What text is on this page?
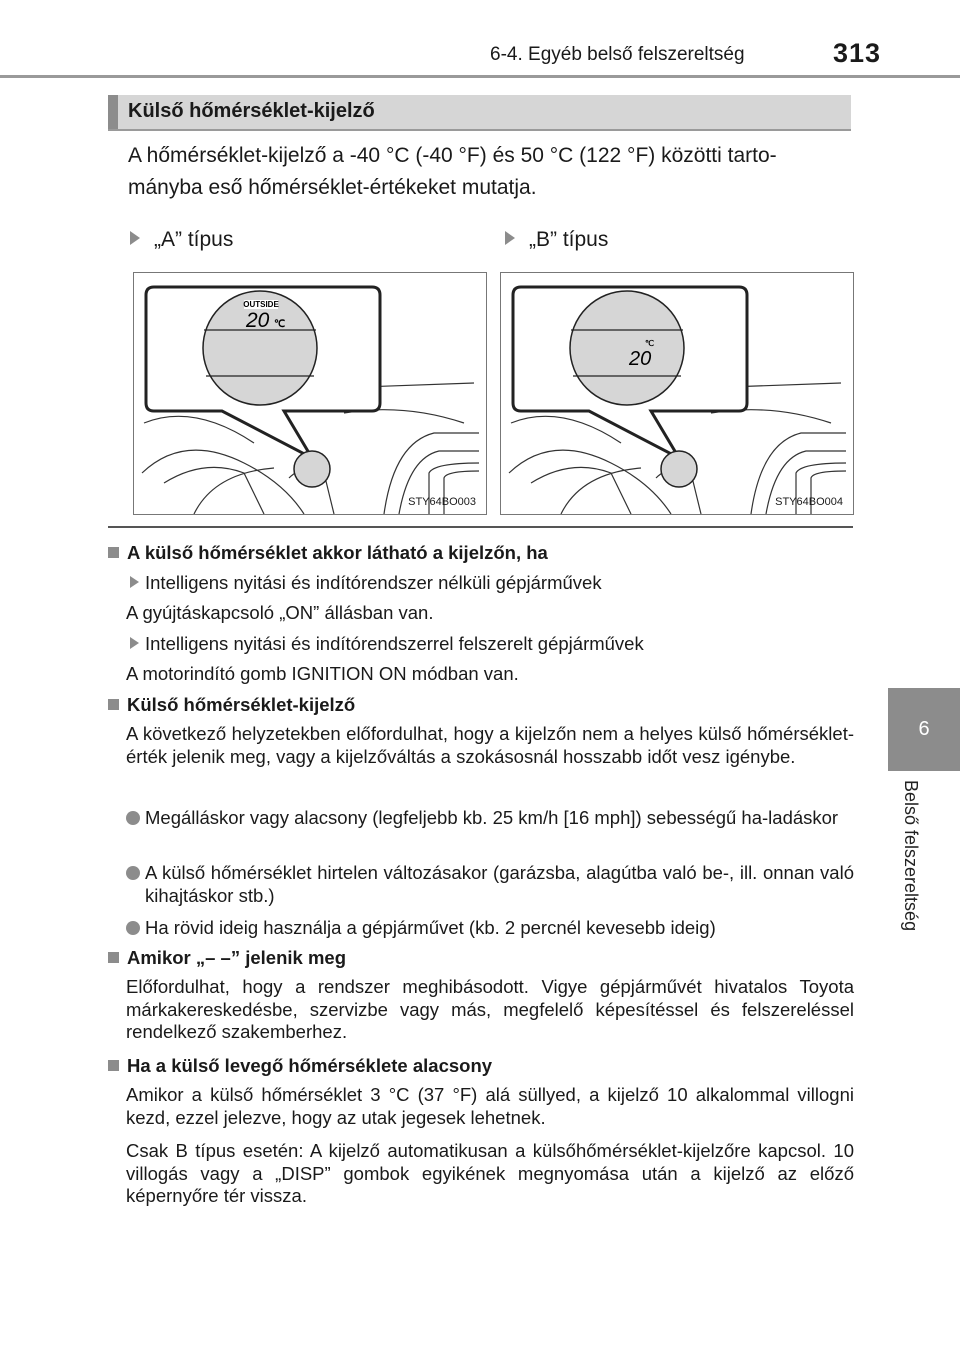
6-4. Egyéb belső felszereltség	313
6
Belső felszereltség
Külső hőmérséklet-kijelző
A hőmérséklet-kijelző a -40 °C (-40 °F) és 50 °C (122 °F) közötti tarto-
mányba eső hőmérséklet-értékeket mutatja.
„A” típus	„B” típus
OUTSIDE
20 ℃
STY64BO003
℃
20
STY64BO004
A külső hőmérséklet akkor látható a kijelzőn, ha
Intelligens nyitási és indítórendszer nélküli gépjárművek
A gyújtáskapcsoló „ON” állásban van.
Intelligens nyitási és indítórendszerrel felszerelt gépjárművek
A motorindító gomb IGNITION ON módban van.
Külső hőmérséklet-kijelző
A következő helyzetekben előfordulhat, hogy a kijelzőn nem a helyes külső hőmérséklet-érték jelenik meg, vagy a kijelzőváltás a szokásosnál hosszabb időt vesz igénybe.
Megálláskor vagy alacsony (legfeljebb kb. 25 km/h [16 mph]) sebességű ha-ladáskor
A külső hőmérséklet hirtelen változásakor (garázsba, alagútba való be-, ill. onnan való kihajtáskor stb.)
Ha rövid ideig használja a gépjárművet (kb. 2 percnél kevesebb ideig)
Amikor „– –” jelenik meg
Előfordulhat, hogy a rendszer meghibásodott. Vigye gépjárművét hivatalos Toyota márkakereskedésbe, szervizbe vagy más, megfelelő képesítéssel és felszereléssel rendelkező szakemberhez.
Ha a külső levegő hőmérséklete alacsony
Amikor a külső hőmérséklet 3 °C (37 °F) alá süllyed, a kijelző 10 alkalommal villogni kezd, ezzel jelezve, hogy az utak jegesek lehetnek.
Csak B típus esetén: A kijelző automatikusan a külsőhőmérséklet-kijelzőre kapcsol. 10 villogás vagy a „DISP” gombok egyikének megnyomása után a kijelző az előző képernyőre tér vissza.
